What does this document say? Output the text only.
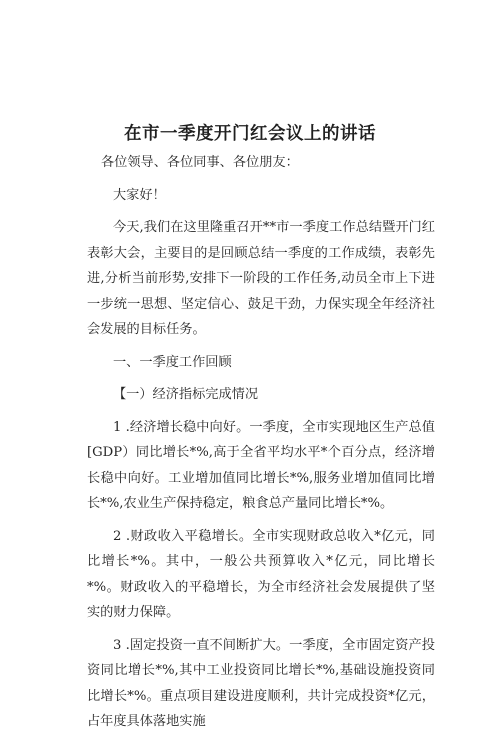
在市一季度开门红会议上的讲话

各位领导、各位同事、各位朋友：

大家好！

今天,我们在这里隆重召开**市一季度工作总结暨开门红表彰大会，主要目的是回顾总结一季度的工作成绩，表彰先进,分析当前形势,安排下一阶段的工作任务,动员全市上下进一步统一思想、坚定信心、鼓足干劲，力保实现全年经济社会发展的目标任务。

一、一季度工作回顾

【一）经济指标完成情况

1 .经济增长稳中向好。一季度，全市实现地区生产总值[GDP）同比增长*%,高于全省平均水平*个百分点，经济增长稳中向好。工业增加值同比增长*%,服务业增加值同比增长*%,农业生产保持稳定，粮食总产量同比增长*%。

2 .财政收入平稳增长。全市实现财政总收入*亿元，同比增长*%。其中，一般公共预算收入*亿元，同比增长*%。财政收入的平稳增长，为全市经济社会发展提供了坚实的财力保障。

3 .固定投资一直不间断扩大。一季度，全市固定资产投资同比增长*%,其中工业投资同比增长*%,基础设施投资同比增长*%。重点项目建设进度顺利，共计完成投资*亿元，占年度具体落地实施
